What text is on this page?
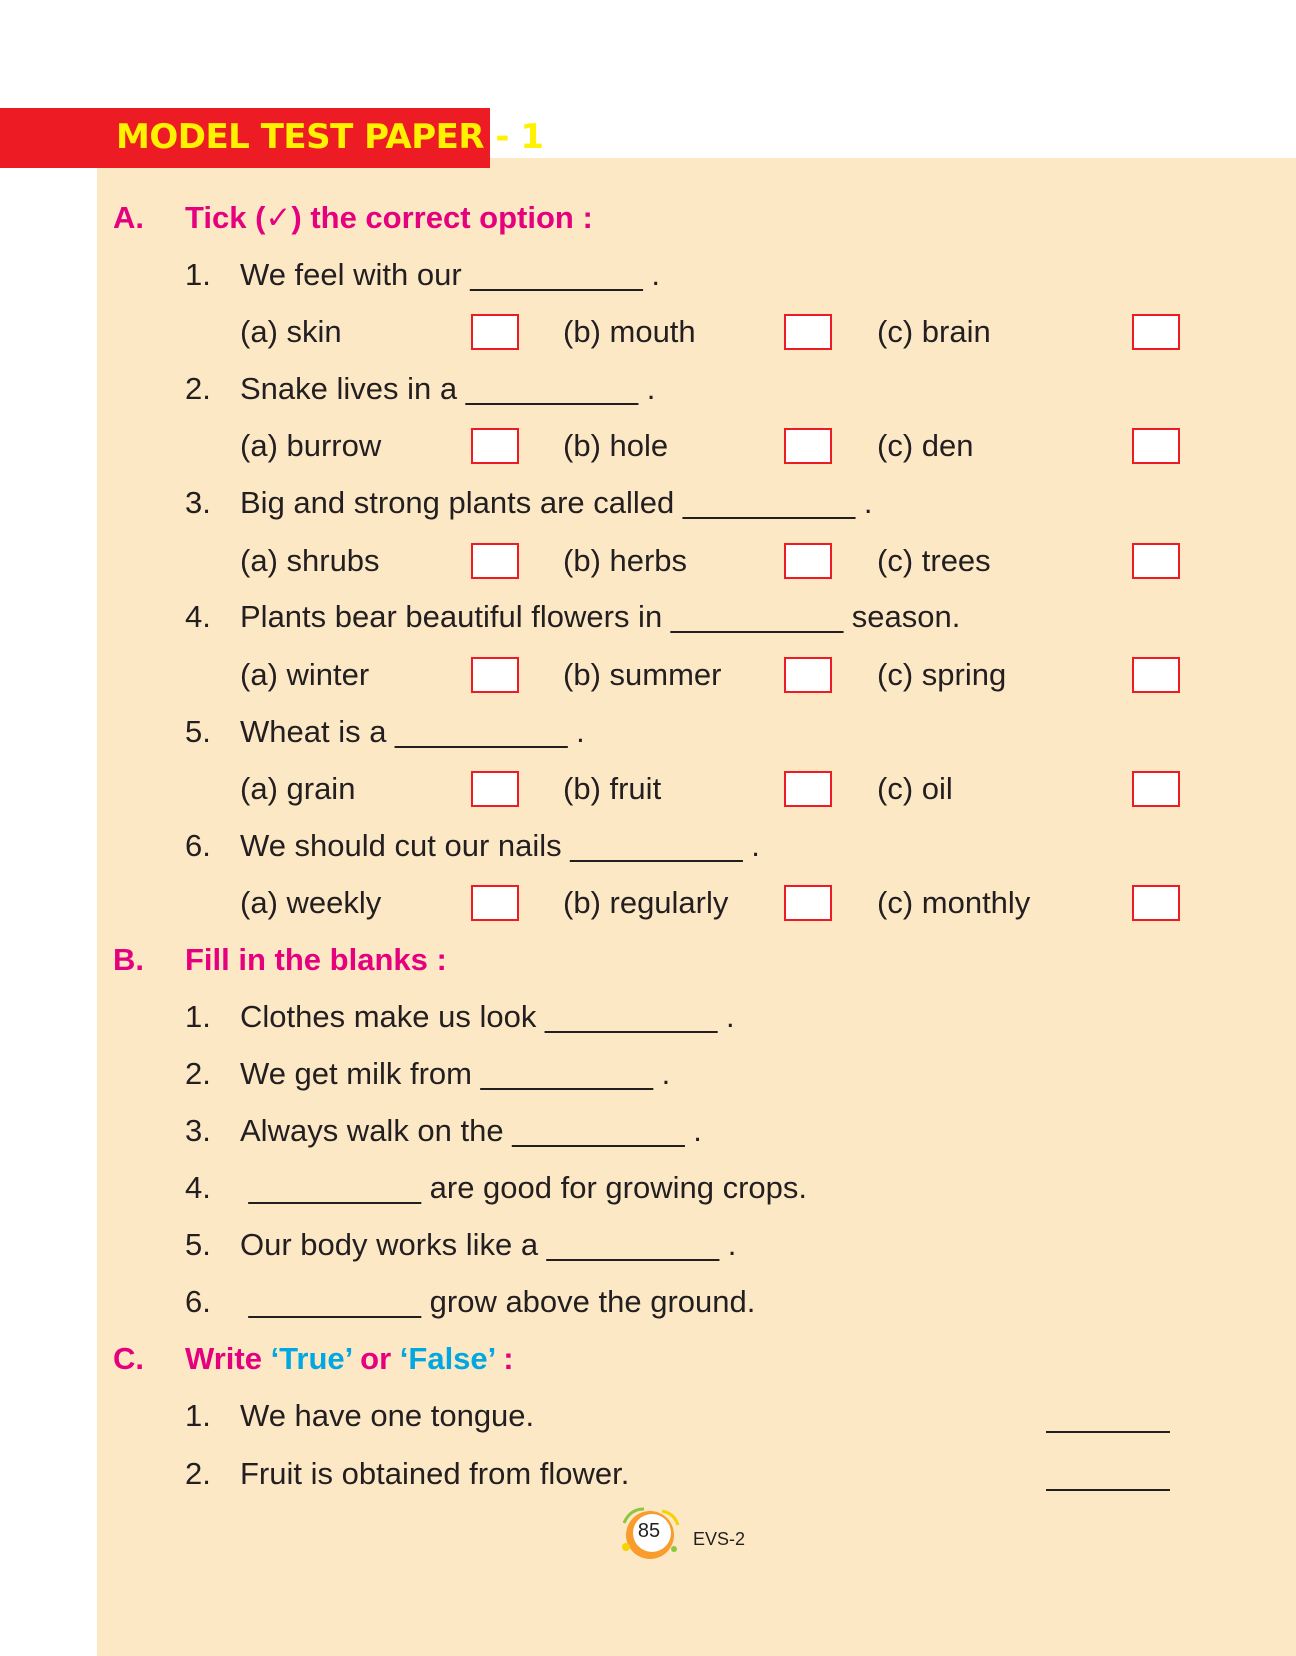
MODEL TEST PAPER - 1
A. Tick (✓) the correct option :
1. We feel with our __________ .
(a) skin	(b) mouth	(c) brain
2. Snake lives in a __________ .
(a) burrow	(b) hole	(c) den
3. Big and strong plants are called __________ .
(a) shrubs	(b) herbs	(c) trees
4. Plants bear beautiful flowers in __________ season.
(a) winter	(b) summer	(c) spring
5. Wheat is a __________ .
(a) grain	(b) fruit	(c) oil
6. We should cut our nails __________ .
(a) weekly	(b) regularly	(c) monthly
B. Fill in the blanks :
1. Clothes make us look __________ .
2. We get milk from __________ .
3. Always walk on the __________ .
4. __________ are good for growing crops.
5. Our body works like a __________ .
6. __________ grow above the ground.
C. Write ‘True’ or ‘False’ :
1. We have one tongue.
2. Fruit is obtained from flower.
85 EVS-2
